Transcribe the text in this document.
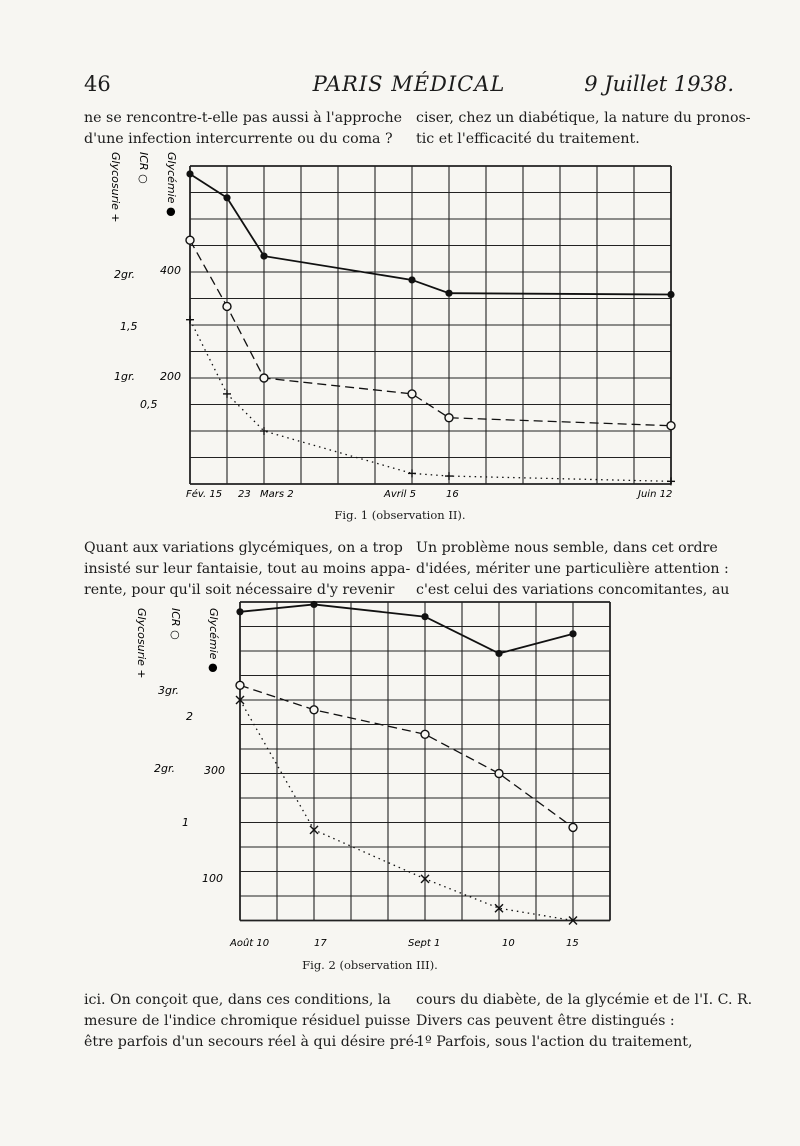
46	PARIS MÉDICAL	9 Juillet 1938.

ne se rencontre-t-elle pas aussi à l'approche
d'une infection intercurrente ou du coma ?

ciser, chez un diabétique, la nature du pronos-
tic et l'efficacité du traitement.

Glycosurie + ICR ○ Glycémie ●
2gr.
1,5
1gr.
0,5
400
200
Fév. 15 23 Mars 2	Avril 5	16	Juin 12
Fig. 1 (observation II).

Quant aux variations glycémiques, on a trop
insisté sur leur fantaisie, tout au moins appa-
rente, pour qu'il soit nécessaire d'y revenir

Un problème nous semble, dans cet ordre
d'idées, mériter une particulière attention :
c'est celui des variations concomitantes, au

Glycosurie + ICR ○ Glycémie ●
3gr.
2
2gr.
1
300
100
Août 10	17	Sept 1	10	15
Fig. 2 (observation III).

ici. On conçoit que, dans ces conditions, la
mesure de l'indice chromique résiduel puisse
être parfois d'un secours réel à qui désire pré-

cours du diabète, de la glycémie et de l'I. C. R.
Divers cas peuvent être distingués :
1º Parfois, sous l'action du traitement,
